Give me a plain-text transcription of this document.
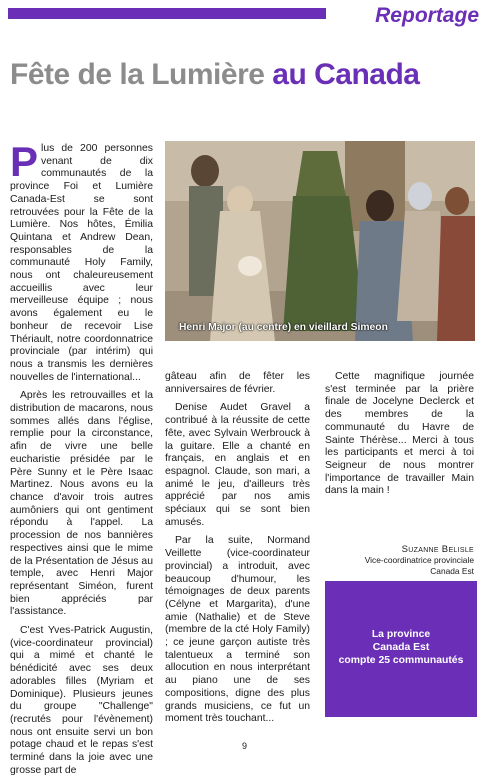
Reportage
Fête de la Lumière au Canada
P lus de 200 personnes venant de dix communautés de la province Foi et Lumière Canada-Est se sont retrouvées pour la Fête de la Lumière. Nos hôtes, Émilia Quintana et Andrew Dean, responsables de la communauté Holy Family, nous ont chaleureusement accueillis avec leur merveilleuse équipe ; nous avons également eu le bonheur de recevoir Lise Thériault, notre coordonnatrice provinciale (par intérim) qui nous a transmis les dernières nouvelles de l'international...

Après les retrouvailles et la distribution de macarons, nous sommes allés dans l'église, remplie pour la circonstance, afin de vivre une belle eucharistie présidée par le Père Sunny et le Père Isaac Martinez. Nous avons eu la chance d'avoir trois autres aumôniers qui ont gentiment répondu à l'appel. La procession de nos bannières respectives ainsi que le mime de la Présentation de Jésus au temple, avec Henri Major représentant Siméon, furent bien appréciés par l'assistance.

C'est Yves-Patrick Augustin, (vice-coordinateur provincial) qui a mimé et chanté le bénédicité avec ses deux adorables filles (Myriam et Dominique). Plusieurs jeunes du groupe "Challenge" (recrutés pour l'évènement) nous ont ensuite servi un bon potage chaud et le repas s'est terminé dans la joie avec une grosse part de

Henri Major (au centre) en vieillard Simeon

gâteau afin de fêter les anniversaires de février.

Denise Audet Gravel a contribué à la réussite de cette fête, avec Sylvain Werbrouck à la guitare. Elle a chanté en français, en anglais et en espagnol. Claude, son mari, a animé le jeu, d'ailleurs très apprécié par nos amis spéciaux qui se sont bien amusés.

Par la suite, Normand Veillette (vice-coordinateur provincial) a introduit, avec beaucoup d'humour, les témoignages de deux parents (Célyne et Margarita), d'une amie (Nathalie) et de Steve (membre de la cté Holy Family) ; ce jeune garçon autiste très talentueux a terminé son allocution en nous interprétant au piano une de ses compositions, digne des plus grands musiciens, ce fut un moment très touchant...

Cette magnifique journée s'est terminée par la prière finale de Jocelyne Declerck et des membres de la communauté du Havre de Sainte Thérèse... Merci à tous les participants et merci à toi Seigneur de nous montrer l'importance de travailler Main dans la main !

Suzanne Belisle
Vice-coordinatrice provinciale
Canada Est
La province
Canada Est
compte 25 communautés
9
